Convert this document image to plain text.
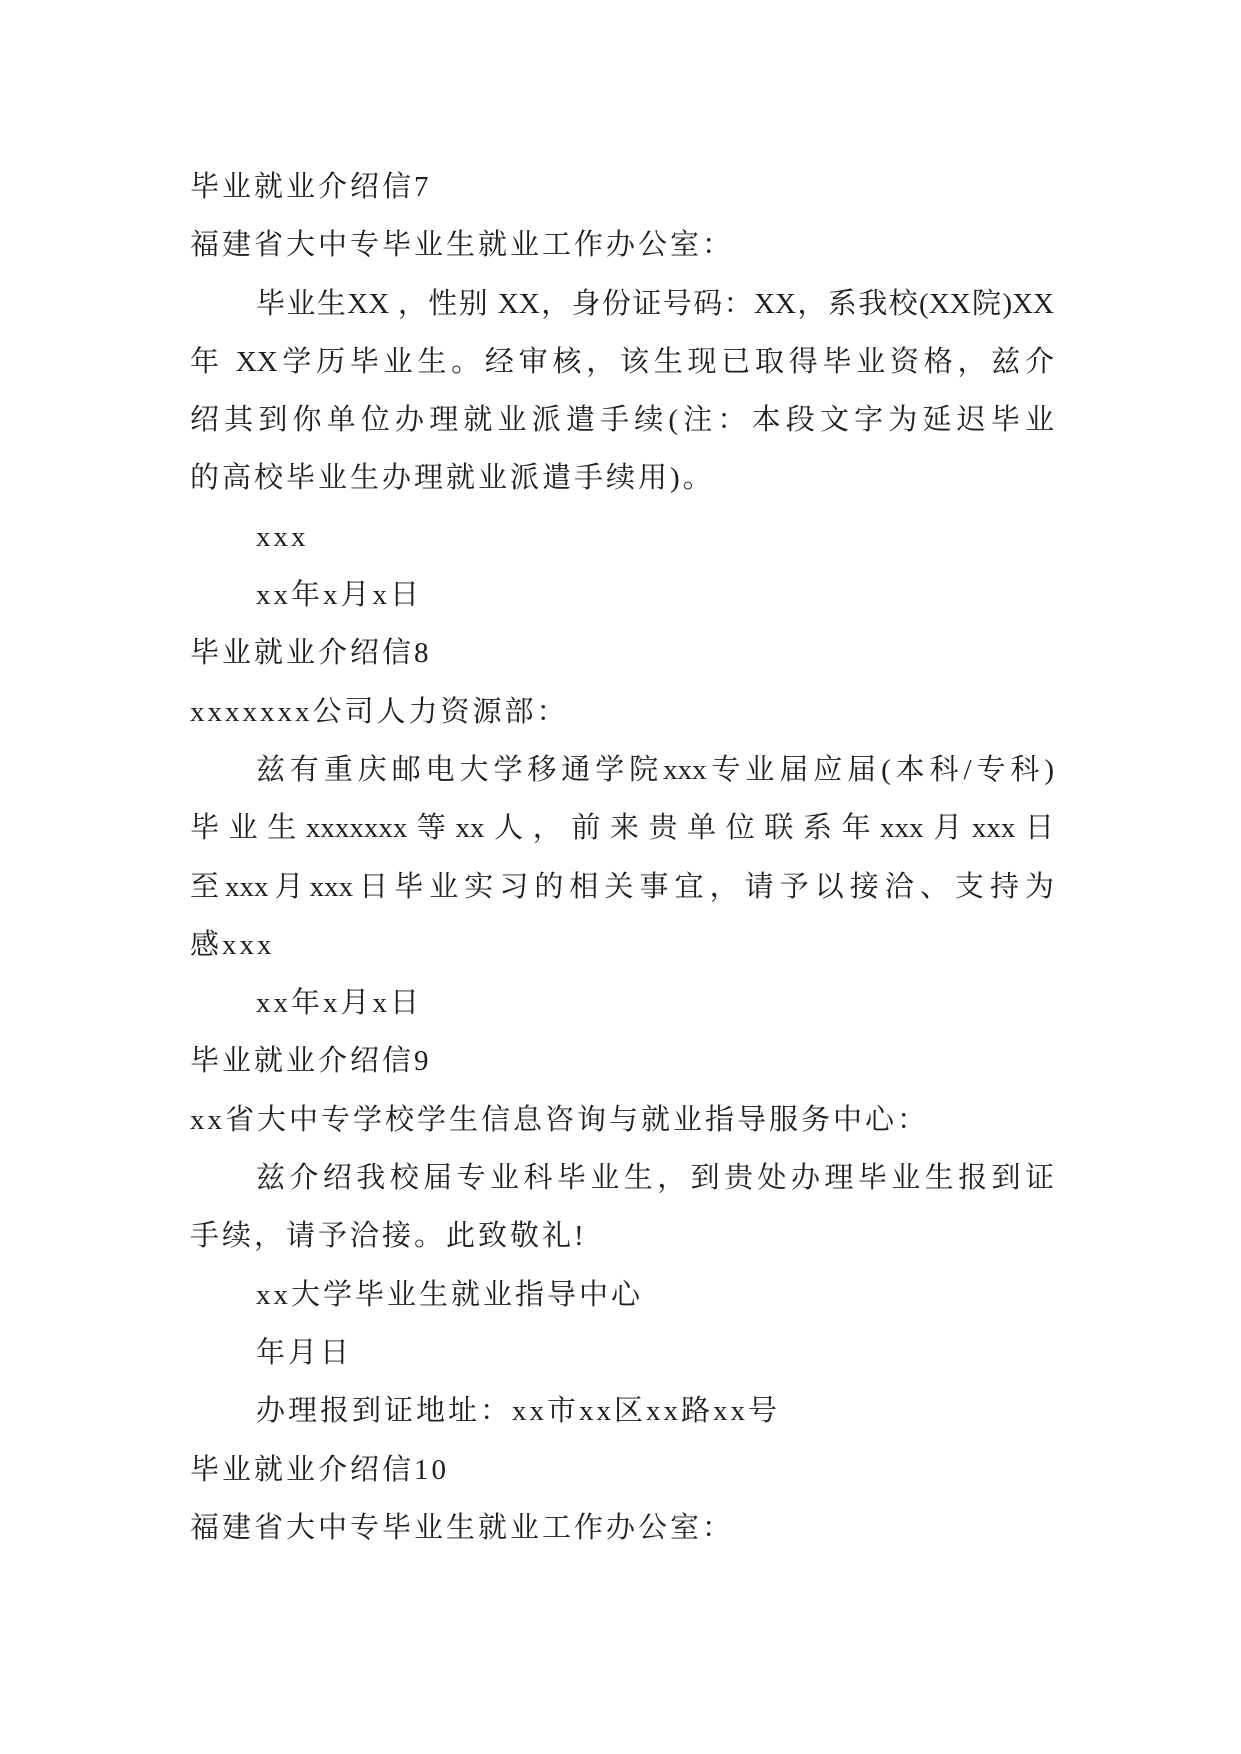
毕业就业介绍信7
福建省大中专毕业生就业工作办公室：
毕业生XX ，性别 XX，身份证号码：XX，系我校(XX院)XX
年 XX学历毕业生。经审核，该生现已取得毕业资格，兹介
绍其到你单位办理就业派遣手续(注：本段文字为延迟毕业
的高校毕业生办理就业派遣手续用)。
xxx
xx年x月x日
毕业就业介绍信8
xxxxxxx公司人力资源部：
兹有重庆邮电大学移通学院xxx专业届应届(本科/专科)
毕业生xxxxxxx等xx人，前来贵单位联系年xxx月xxx日
至xxx月xxx日毕业实习的相关事宜，请予以接洽、支持为
感xxx
xx年x月x日
毕业就业介绍信9
xx省大中专学校学生信息咨询与就业指导服务中心：
兹介绍我校届专业科毕业生，到贵处办理毕业生报到证
手续，请予洽接。此致敬礼!
xx大学毕业生就业指导中心
年月日
办理报到证地址：xx市xx区xx路xx号
毕业就业介绍信10
福建省大中专毕业生就业工作办公室：
